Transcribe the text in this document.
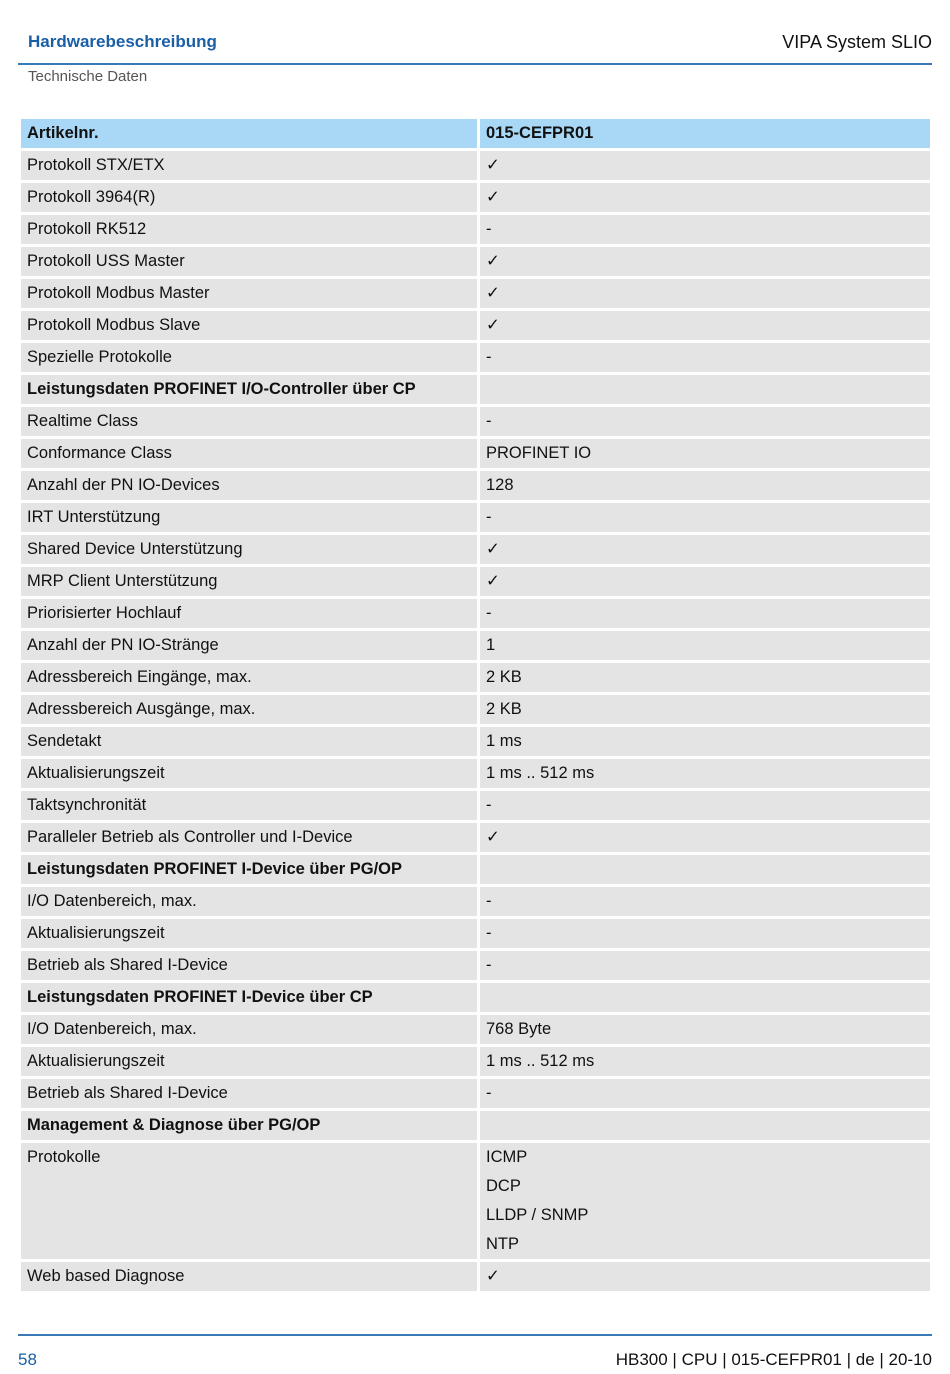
Hardwarebeschreibung	VIPA System SLIO
Technische Daten
Artikelnr.	015-CEFPR01
Protokoll STX/ETX	✓
Protokoll 3964(R)	✓
Protokoll RK512	-
Protokoll USS Master	✓
Protokoll Modbus Master	✓
Protokoll Modbus Slave	✓
Spezielle Protokolle	-
Leistungsdaten PROFINET I/O-Controller über CP	
Realtime Class	-
Conformance Class	PROFINET IO
Anzahl der PN IO-Devices	128
IRT Unterstützung	-
Shared Device Unterstützung	✓
MRP Client Unterstützung	✓
Priorisierter Hochlauf	-
Anzahl der PN IO-Stränge	1
Adressbereich Eingänge, max.	2 KB
Adressbereich Ausgänge, max.	2 KB
Sendetakt	1 ms
Aktualisierungszeit	1 ms .. 512 ms
Taktsynchronität	-
Paralleler Betrieb als Controller und I-Device	✓
Leistungsdaten PROFINET I-Device über PG/OP	
I/O Datenbereich, max.	-
Aktualisierungszeit	-
Betrieb als Shared I-Device	-
Leistungsdaten PROFINET I-Device über CP	
I/O Datenbereich, max.	768 Byte
Aktualisierungszeit	1 ms .. 512 ms
Betrieb als Shared I-Device	-
Management & Diagnose über PG/OP	
Protokolle	ICMP
DCP
LLDP / SNMP
NTP

Web based Diagnose	✓
58	HB300 | CPU | 015-CEFPR01 | de | 20-10
